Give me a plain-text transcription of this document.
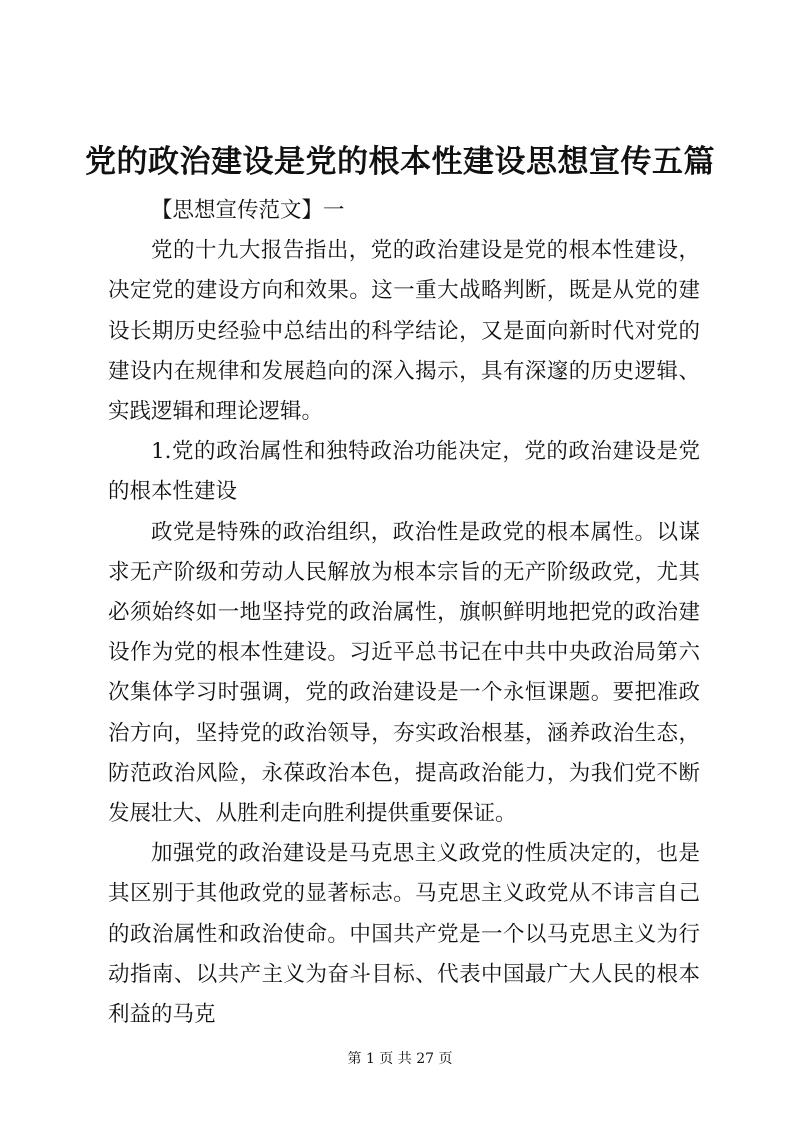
党的政治建设是党的根本性建设思想宣传五篇

【思想宣传范文】一

党的十九大报告指出，党的政治建设是党的根本性建设，决定党的建设方向和效果。这一重大战略判断，既是从党的建设长期历史经验中总结出的科学结论，又是面向新时代对党的建设内在规律和发展趋向的深入揭示，具有深邃的历史逻辑、实践逻辑和理论逻辑。

1.党的政治属性和独特政治功能决定，党的政治建设是党的根本性建设

政党是特殊的政治组织，政治性是政党的根本属性。以谋求无产阶级和劳动人民解放为根本宗旨的无产阶级政党，尤其必须始终如一地坚持党的政治属性，旗帜鲜明地把党的政治建设作为党的根本性建设。习近平总书记在中共中央政治局第六次集体学习时强调，党的政治建设是一个永恒课题。要把准政治方向，坚持党的政治领导，夯实政治根基，涵养政治生态，防范政治风险，永葆政治本色，提高政治能力，为我们党不断发展壮大、从胜利走向胜利提供重要保证。

加强党的政治建设是马克思主义政党的性质决定的，也是其区别于其他政党的显著标志。马克思主义政党从不讳言自己的政治属性和政治使命。中国共产党是一个以马克思主义为行动指南、以共产主义为奋斗目标、代表中国最广大人民的根本利益的马克

第 1 页 共 27 页
